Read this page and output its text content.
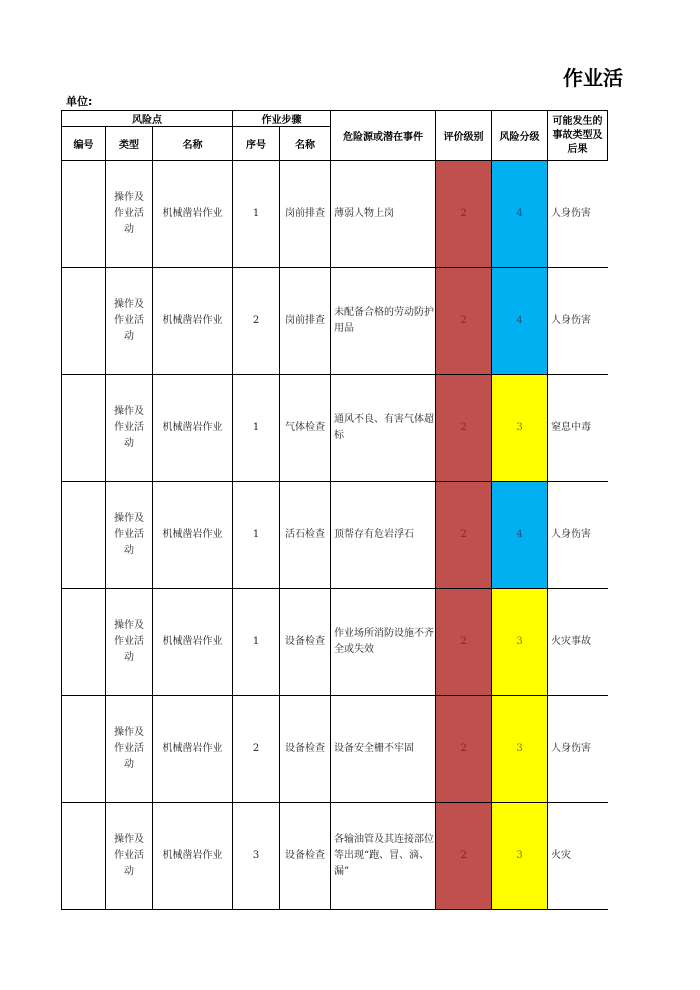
作业活
单位:
风险点			作业步骤		危险源或潜在事件	评价级别	风险分级	可能发生的事故类型及后果
编号	类型	名称	序号	名称				
	操作及作业活动	机械凿岩作业	1	岗前排查	薄弱人物上岗	2	4	人身伤害
	操作及作业活动	机械凿岩作业	2	岗前排查	未配备合格的劳动防护用品	2	4	人身伤害
	操作及作业活动	机械凿岩作业	1	气体检查	通风不良、有害气体超标	2	3	窒息中毒
	操作及作业活动	机械凿岩作业	1	活石检查	顶帮存有危岩浮石	2	4	人身伤害
	操作及作业活动	机械凿岩作业	1	设备检查	作业场所消防设施不齐全或失效	2	3	火灾事故
	操作及作业活动	机械凿岩作业	2	设备检查	设备安全栅不牢固	2	3	人身伤害
	操作及作业活动	机械凿岩作业	3	设备检查	各输油管及其连接部位等出现“跑、冒、滴、漏”	2	3	火灾
